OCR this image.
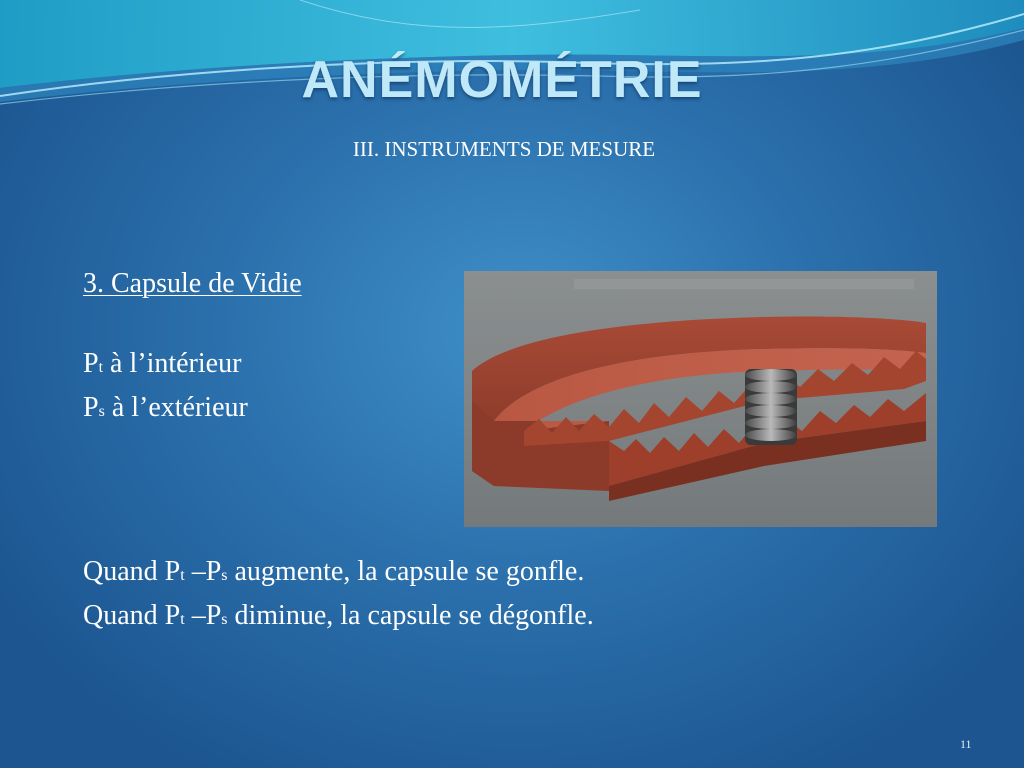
ANÉMOMÉTRIE

III. INSTRUMENTS DE MESURE

3. Capsule de Vidie
Pt à l’intérieur
Ps à l’extérieur
Quand Pt –Ps augmente, la capsule se gonfle.
Quand Pt –Ps diminue, la capsule se dégonfle.
11
